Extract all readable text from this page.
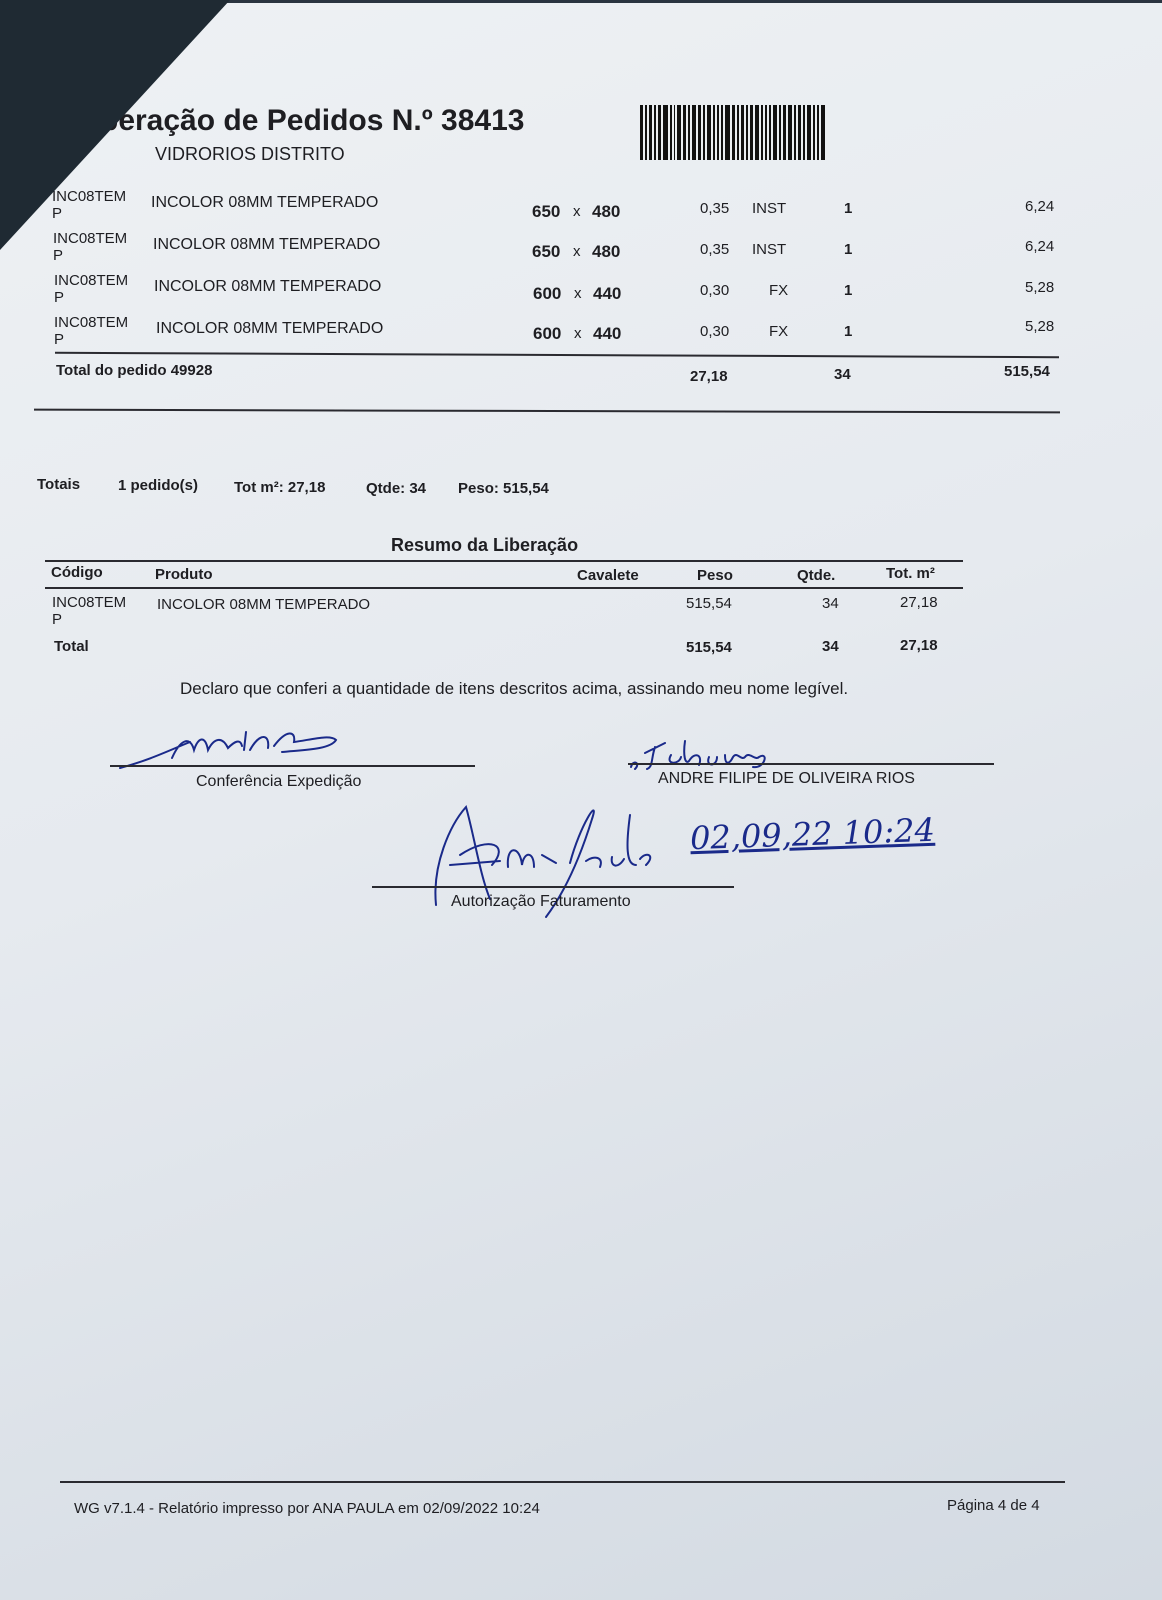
beração de Pedidos N.º 38413
VIDRORIOS DISTRITO
INC08TEM
P
INCOLOR 08MM TEMPERADO	650 x 480	0,35 INST	1	6,24
INC08TEM
P
INCOLOR 08MM TEMPERADO	650 x 480	0,35 INST	1	6,24
INC08TEM
P
INCOLOR 08MM TEMPERADO	600 x 440	0,30	FX	1	5,28
INC08TEM
P
INCOLOR 08MM TEMPERADO	600 x 440	0,30	FX	1	5,28
Total do pedido 49928	27,18	34	515,54
Totais	1 pedido(s) Tot m²: 27,18	Qtde: 34 Peso: 515,54
Resumo da Liberação
Código	Produto	Cavalete	Peso	Qtde.	Tot. m²
INC08TEM
P
INCOLOR 08MM TEMPERADO	515,54	34	27,18
Total	515,54	34	27,18
Declaro que conferi a quantidade de itens descritos acima, assinando meu nome legível.
Conferência Expedição	ANDRE FILIPE DE OLIVEIRA RIOS
02,09,22 10:24
Autorização Faturamento
WG v7.1.4 - Relatório impresso por ANA PAULA em 02/09/2022 10:24	Página 4 de 4
